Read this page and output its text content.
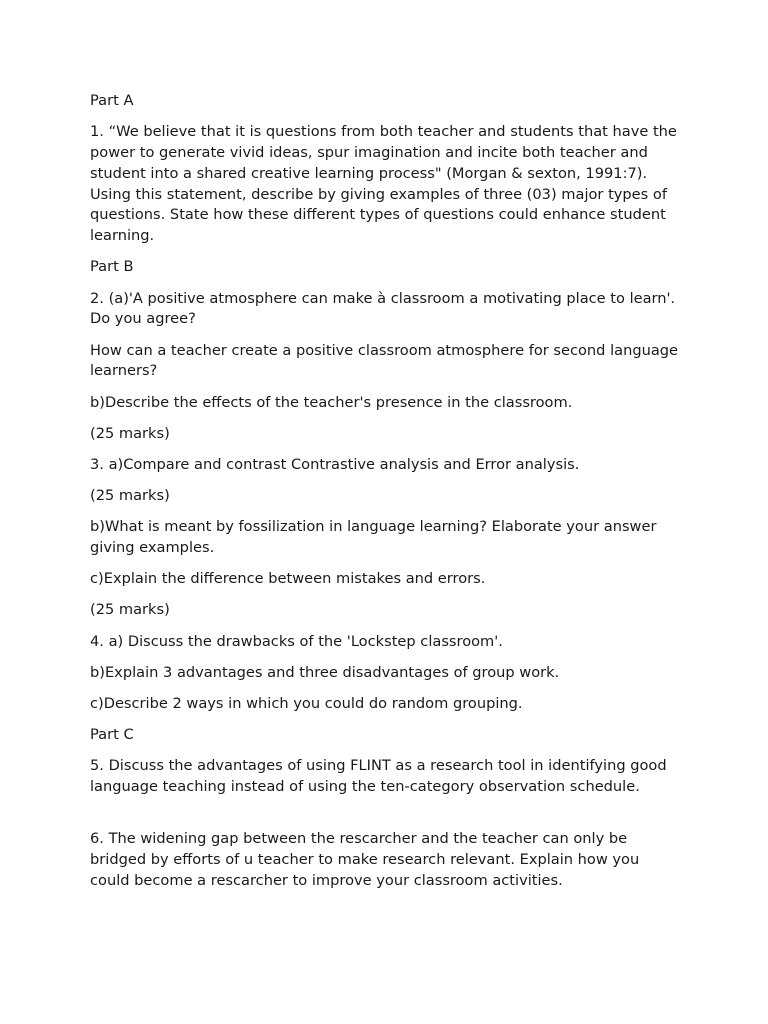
Part A

1. “We believe that it is questions from both teacher and students that have the power to generate vivid ideas, spur imagination and incite both teacher and student into a shared creative learning process" (Morgan & sexton, 1991:7). Using this statement, describe by giving examples of three (03) major types of questions. State how these different types of questions could enhance student learning.

Part B

2. (a)'A positive atmosphere can make à classroom a motivating place to learn'. Do you agree?

How can a teacher create a positive classroom atmosphere for second language learners?

b)Describe the effects of the teacher's presence in the classroom.

(25 marks)

3. a)Compare and contrast Contrastive analysis and Error analysis.

(25 marks)

b)What is meant by fossilization in language learning? Elaborate your answer giving examples.

c)Explain the difference between mistakes and errors.

(25 marks)

4. a) Discuss the drawbacks of the 'Lockstep classroom'.

b)Explain 3 advantages and three disadvantages of group work.

c)Describe 2 ways in which you could do random grouping.

Part C

5. Discuss the advantages of using FLINT as a research tool in identifying good language teaching instead of using the ten-category observation schedule.

6. The widening gap between the rescarcher and the teacher can only be bridged by efforts of u teacher to make research relevant. Explain how you could become a rescarcher to improve your classroom activities.
